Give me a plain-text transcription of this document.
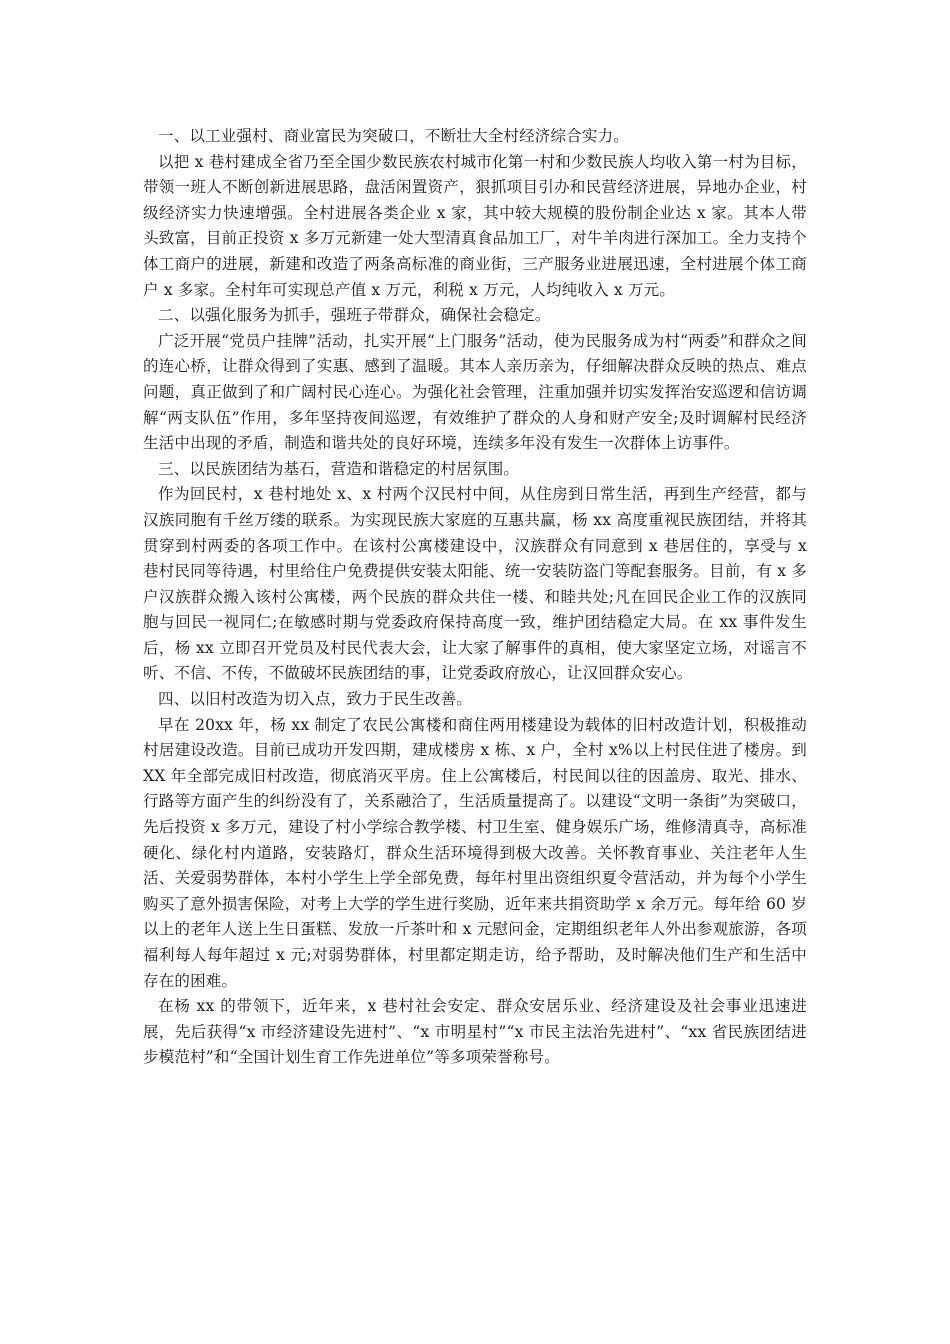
一、以工业强村、商业富民为突破口，不断壮大全村经济综合实力。

以把 x 巷村建成全省乃至全国少数民族农村城市化第一村和少数民族人均收入第一村为目标，带领一班人不断创新进展思路，盘活闲置资产，狠抓项目引办和民营经济进展，异地办企业，村级经济实力快速增强。全村进展各类企业 x 家，其中较大规模的股份制企业达 x 家。其本人带头致富，目前正投资 x 多万元新建一处大型清真食品加工厂，对牛羊肉进行深加工。全力支持个体工商户的进展，新建和改造了两条高标准的商业街，三产服务业进展迅速，全村进展个体工商户 x 多家。全村年可实现总产值 x 万元，利税 x 万元，人均纯收入 x 万元。

二、以强化服务为抓手，强班子带群众，确保社会稳定。

广泛开展“党员户挂牌”活动，扎实开展“上门服务”活动，使为民服务成为村“两委”和群众之间的连心桥，让群众得到了实惠、感到了温暖。其本人亲历亲为，仔细解决群众反映的热点、难点问题，真正做到了和广阔村民心连心。为强化社会管理，注重加强并切实发挥治安巡逻和信访调解“两支队伍”作用，多年坚持夜间巡逻，有效维护了群众的人身和财产安全;及时调解村民经济生活中出现的矛盾，制造和谐共处的良好环境，连续多年没有发生一次群体上访事件。

三、以民族团结为基石，营造和谐稳定的村居氛围。

作为回民村，x 巷村地处 x、x 村两个汉民村中间，从住房到日常生活，再到生产经营，都与汉族同胞有千丝万缕的联系。为实现民族大家庭的互惠共赢，杨 xx 高度重视民族团结，并将其贯穿到村两委的各项工作中。在该村公寓楼建设中，汉族群众有同意到 x 巷居住的，享受与 x 巷村民同等待遇，村里给住户免费提供安装太阳能、统一安装防盗门等配套服务。目前，有 x 多户汉族群众搬入该村公寓楼，两个民族的群众共住一楼、和睦共处;凡在回民企业工作的汉族同胞与回民一视同仁;在敏感时期与党委政府保持高度一致，维护团结稳定大局。在 xx 事件发生后，杨 xx 立即召开党员及村民代表大会，让大家了解事件的真相，使大家坚定立场，对谣言不听、不信、不传，不做破坏民族团结的事，让党委政府放心，让汉回群众安心。

四、以旧村改造为切入点，致力于民生改善。

早在 20xx 年，杨 xx 制定了农民公寓楼和商住两用楼建设为载体的旧村改造计划，积极推动村居建设改造。目前已成功开发四期，建成楼房 x 栋、x 户，全村 x%以上村民住进了楼房。到 XX 年全部完成旧村改造，彻底消灭平房。住上公寓楼后，村民间以往的因盖房、取光、排水、行路等方面产生的纠纷没有了，关系融洽了，生活质量提高了。以建设“文明一条街”为突破口，先后投资 x 多万元，建设了村小学综合教学楼、村卫生室、健身娱乐广场，维修清真寺，高标准硬化、绿化村内道路，安装路灯，群众生活环境得到极大改善。关怀教育事业、关注老年人生活、关爱弱势群体，本村小学生上学全部免费，每年村里出资组织夏令营活动，并为每个小学生购买了意外损害保险，对考上大学的学生进行奖励，近年来共捐资助学 x 余万元。每年给 60 岁以上的老年人送上生日蛋糕、发放一斤茶叶和 x 元慰问金，定期组织老年人外出参观旅游，各项福利每人每年超过 x 元;对弱势群体，村里都定期走访，给予帮助，及时解决他们生产和生活中存在的困难。

在杨 xx 的带领下，近年来，x 巷村社会安定、群众安居乐业、经济建设及社会事业迅速进展，先后获得“x 市经济建设先进村”、“x 市明星村”“x 市民主法治先进村”、“xx 省民族团结进步模范村”和“全国计划生育工作先进单位”等多项荣誉称号。
